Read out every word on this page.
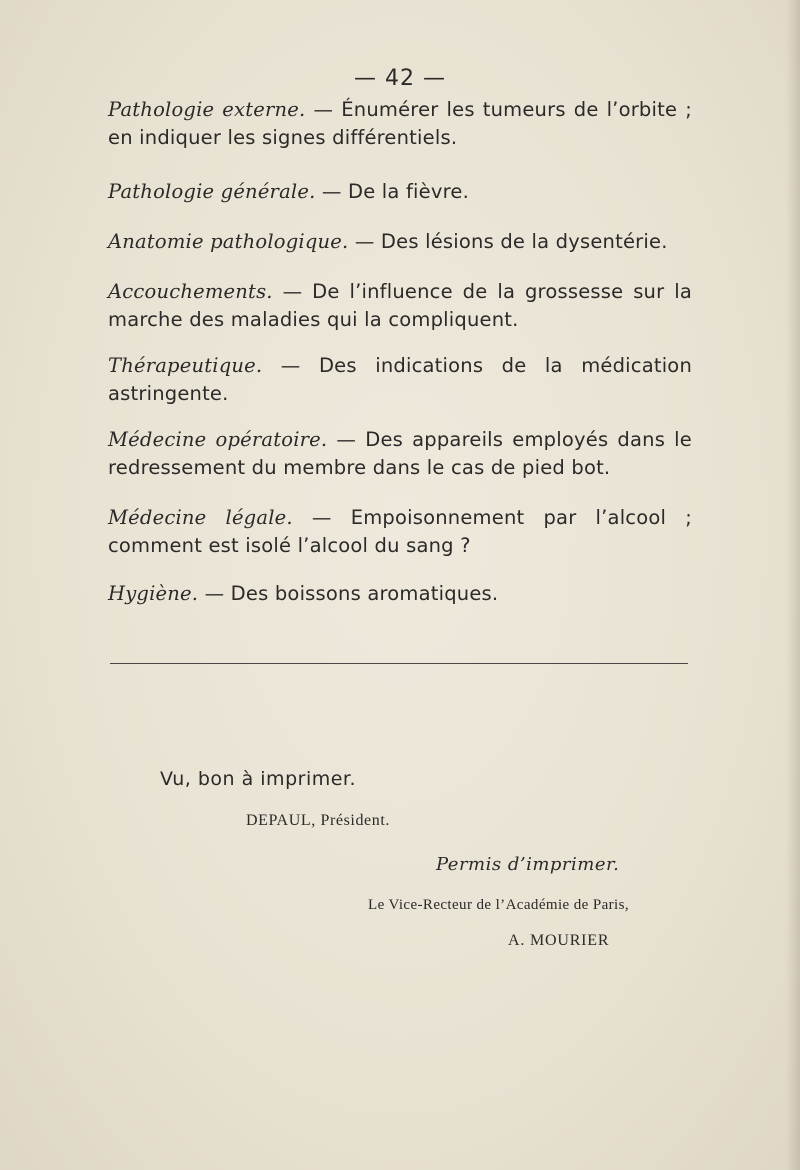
— 42 —
Pathologie externe. — Énumérer les tumeurs de l’orbite ; en indiquer les signes différentiels.
Pathologie générale. — De la fièvre.
Anatomie pathologique. — Des lésions de la dysentérie.
Accouchements. — De l’influence de la grossesse sur la marche des maladies qui la compliquent.
Thérapeutique. — Des indications de la médication astringente.
Médecine opératoire. — Des appareils employés dans le redressement du membre dans le cas de pied bot.
Médecine légale. — Empoisonnement par l’alcool ; comment est isolé l’alcool du sang ?
Hygiène. — Des boissons aromatiques.
Vu, bon à imprimer.
DEPAUL, Président.
Permis d’imprimer.
Le Vice-Recteur de l’Académie de Paris,
A. MOURIER
